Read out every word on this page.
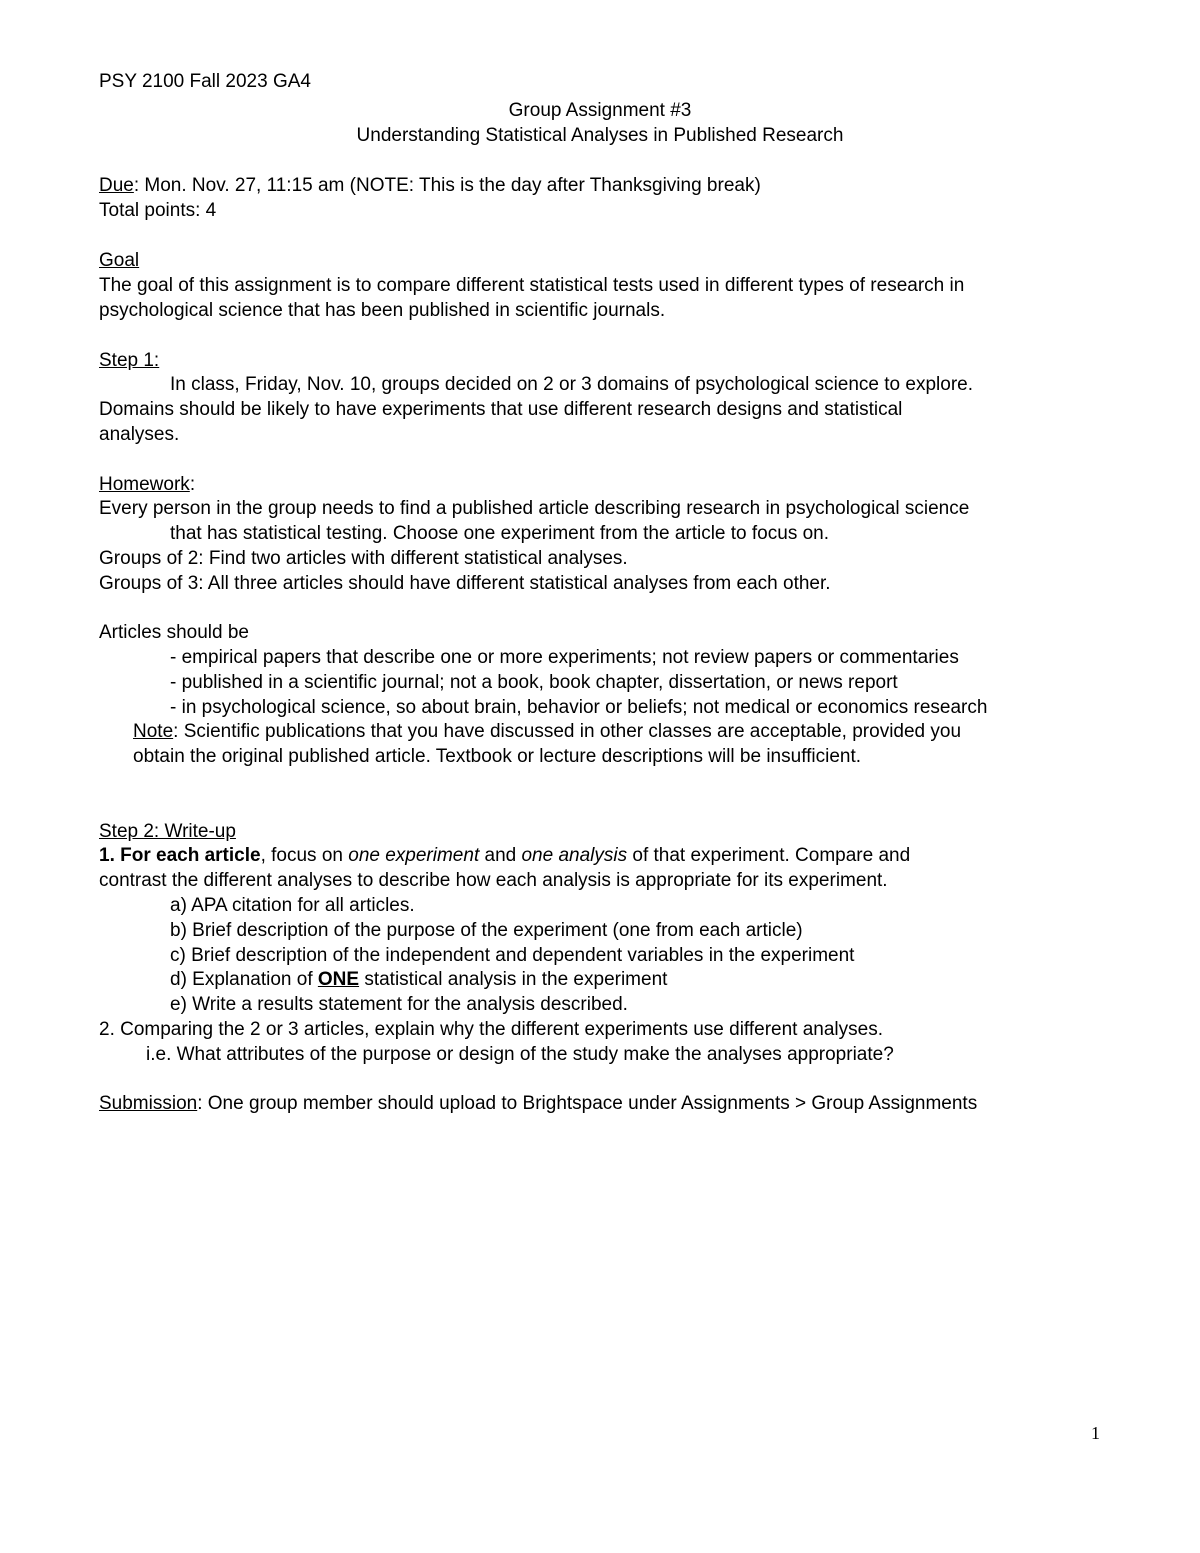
PSY 2100 Fall 2023 GA4
Group Assignment #3
Understanding Statistical Analyses in Published Research
Due: Mon. Nov. 27, 11:15 am (NOTE: This is the day after Thanksgiving break)
Total points: 4
Goal
The goal of this assignment is to compare different statistical tests used in different types of research in
psychological science that has been published in scientific journals.
Step 1:
In class, Friday, Nov. 10, groups decided on 2 or 3 domains of psychological science to explore.
Domains should be likely to have experiments that use different research designs and statistical
analyses.
Homework:
Every person in the group needs to find a published article describing research in psychological science
that has statistical testing. Choose one experiment from the article to focus on.
Groups of 2: Find two articles with different statistical analyses.
Groups of 3: All three articles should have different statistical analyses from each other.
Articles should be
- empirical papers that describe one or more experiments; not review papers or commentaries
- published in a scientific journal; not a book, book chapter, dissertation, or news report
- in psychological science, so about brain, behavior or beliefs; not medical or economics research
Note: Scientific publications that you have discussed in other classes are acceptable, provided you
obtain the original published article. Textbook or lecture descriptions will be insufficient.
Step 2: Write-up
1. For each article, focus on one experiment and one analysis of that experiment. Compare and
contrast the different analyses to describe how each analysis is appropriate for its experiment.
a) APA citation for all articles.
b) Brief description of the purpose of the experiment (one from each article)
c) Brief description of the independent and dependent variables in the experiment
d) Explanation of ONE statistical analysis in the experiment
e) Write a results statement for the analysis described.
2. Comparing the 2 or 3 articles, explain why the different experiments use different analyses.
i.e. What attributes of the purpose or design of the study make the analyses appropriate?
Submission: One group member should upload to Brightspace under Assignments > Group Assignments
1
